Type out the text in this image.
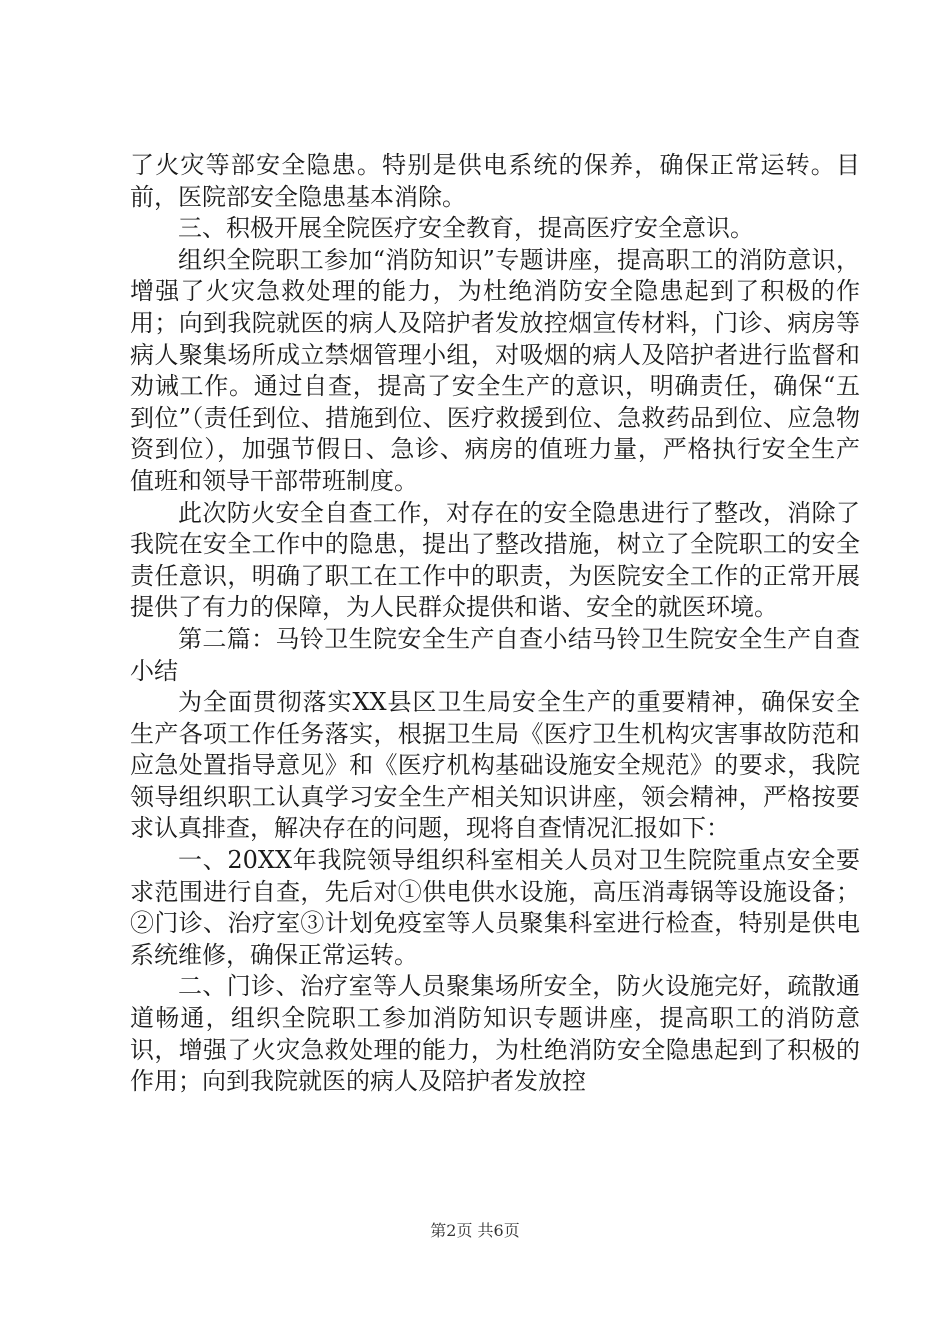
了火灾等部安全隐患。特别是供电系统的保养，确保正常运转。目前，医院部安全隐患基本消除。

三、积极开展全院医疗安全教育，提高医疗安全意识。

组织全院职工参加“消防知识”专题讲座，提高职工的消防意识，增强了火灾急救处理的能力，为杜绝消防安全隐患起到了积极的作用；向到我院就医的病人及陪护者发放控烟宣传材料，门诊、病房等病人聚集场所成立禁烟管理小组，对吸烟的病人及陪护者进行监督和劝诫工作。通过自查，提高了安全生产的意识，明确责任，确保“五到位”（责任到位、措施到位、医疗救援到位、急救药品到位、应急物资到位），加强节假日、急诊、病房的值班力量，严格执行安全生产值班和领导干部带班制度。

此次防火安全自查工作，对存在的安全隐患进行了整改，消除了我院在安全工作中的隐患，提出了整改措施，树立了全院职工的安全责任意识，明确了职工在工作中的职责，为医院安全工作的正常开展提供了有力的保障，为人民群众提供和谐、安全的就医环境。

第二篇：马铃卫生院安全生产自查小结马铃卫生院安全生产自查小结

为全面贯彻落实XX县区卫生局安全生产的重要精神，确保安全生产各项工作任务落实，根据卫生局《医疗卫生机构灾害事故防范和应急处置指导意见》和《医疗机构基础设施安全规范》的要求，我院领导组织职工认真学习安全生产相关知识讲座，领会精神，严格按要求认真排查，解决存在的问题，现将自查情况汇报如下：

一、20XX年我院领导组织科室相关人员对卫生院院重点安全要求范围进行自查，先后对①供电供水设施，高压消毒锅等设施设备；②门诊、治疗室③计划免疫室等人员聚集科室进行检查，特别是供电系统维修，确保正常运转。

二、门诊、治疗室等人员聚集场所安全，防火设施完好，疏散通道畅通，组织全院职工参加消防知识专题讲座，提高职工的消防意识，增强了火灾急救处理的能力，为杜绝消防安全隐患起到了积极的作用；向到我院就医的病人及陪护者发放控

第2页 共6页
